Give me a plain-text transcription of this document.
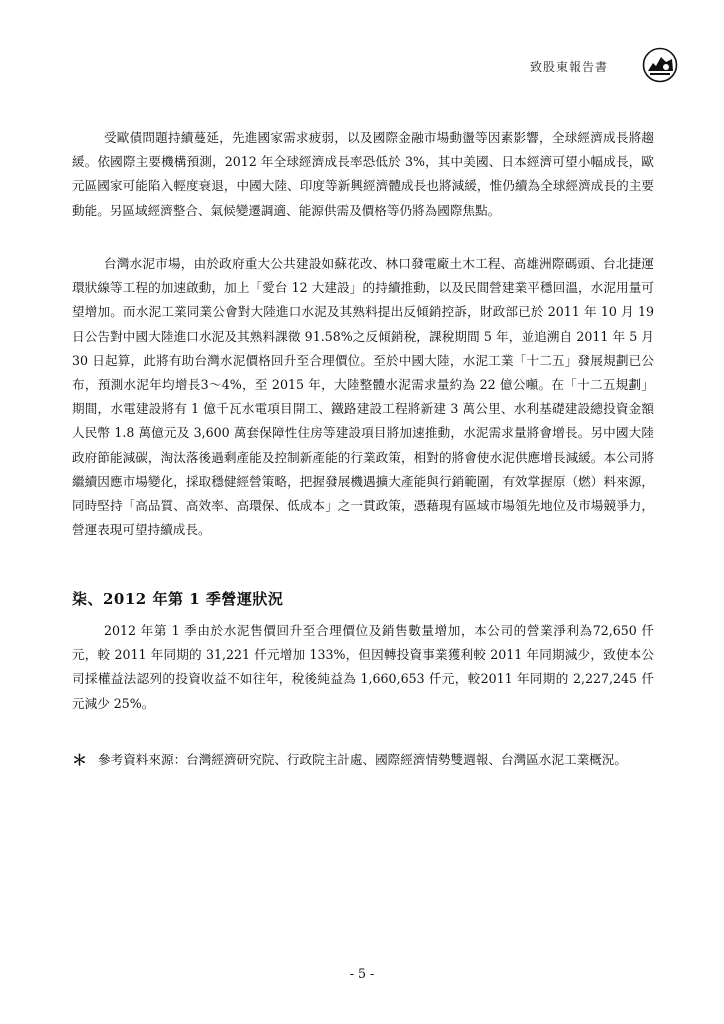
致股東報告書

受歐債問題持續蔓延，先進國家需求疲弱，以及國際金融市場動盪等因素影響，全球經濟成長將趨緩。依國際主要機構預測，2012 年全球經濟成長率恐低於 3%，其中美國、日本經濟可望小幅成長，歐元區國家可能陷入輕度衰退，中國大陸、印度等新興經濟體成長也將減緩，惟仍續為全球經濟成長的主要動能。另區域經濟整合、氣候變遷調適、能源供需及價格等仍將為國際焦點。

台灣水泥市場，由於政府重大公共建設如蘇花改、林口發電廠土木工程、高雄洲際碼頭、台北捷運環狀線等工程的加速啟動，加上「愛台 12 大建設」的持續推動，以及民間營建業平穩回溫，水泥用量可望增加。而水泥工業同業公會對大陸進口水泥及其熟料提出反傾銷控訴，財政部已於 2011 年 10 月 19 日公告對中國大陸進口水泥及其熟料課徵 91.58%之反傾銷稅，課稅期間 5 年，並追溯自 2011 年 5 月 30 日起算，此將有助台灣水泥價格回升至合理價位。至於中國大陸，水泥工業「十二五」發展規劃已公布，預測水泥年均增長3～4%，至 2015 年，大陸整體水泥需求量約為 22 億公噸。在「十二五規劃」期間，水電建設將有 1 億千瓦水電項目開工、鐵路建設工程將新建 3 萬公里、水利基礎建設總投資金額人民幣 1.8 萬億元及 3,600 萬套保障性住房等建設項目將加速推動，水泥需求量將會增長。另中國大陸政府節能減碳，淘汰落後過剩產能及控制新產能的行業政策，相對的將會使水泥供應增長減緩。本公司將繼續因應市場變化，採取穩健經營策略，把握發展機遇擴大產能與行銷範圍，有效掌握原（燃）料來源，同時堅持「高品質、高效率、高環保、低成本」之一貫政策，憑藉現有區域市場領先地位及市場競爭力，營運表現可望持續成長。

柒、2012 年第 1 季營運狀況

2012 年第 1 季由於水泥售價回升至合理價位及銷售數量增加，本公司的營業淨利為72,650 仟元，較 2011 年同期的 31,221 仟元增加 133%，但因轉投資事業獲利較 2011 年同期減少，致使本公司採權益法認列的投資收益不如往年，稅後純益為 1,660,653 仟元，較2011 年同期的 2,227,245 仟元減少 25%。

＊ 參考資料來源：台灣經濟研究院、行政院主計處、國際經濟情勢雙週報、台灣區水泥工業概況。
- 5 -
